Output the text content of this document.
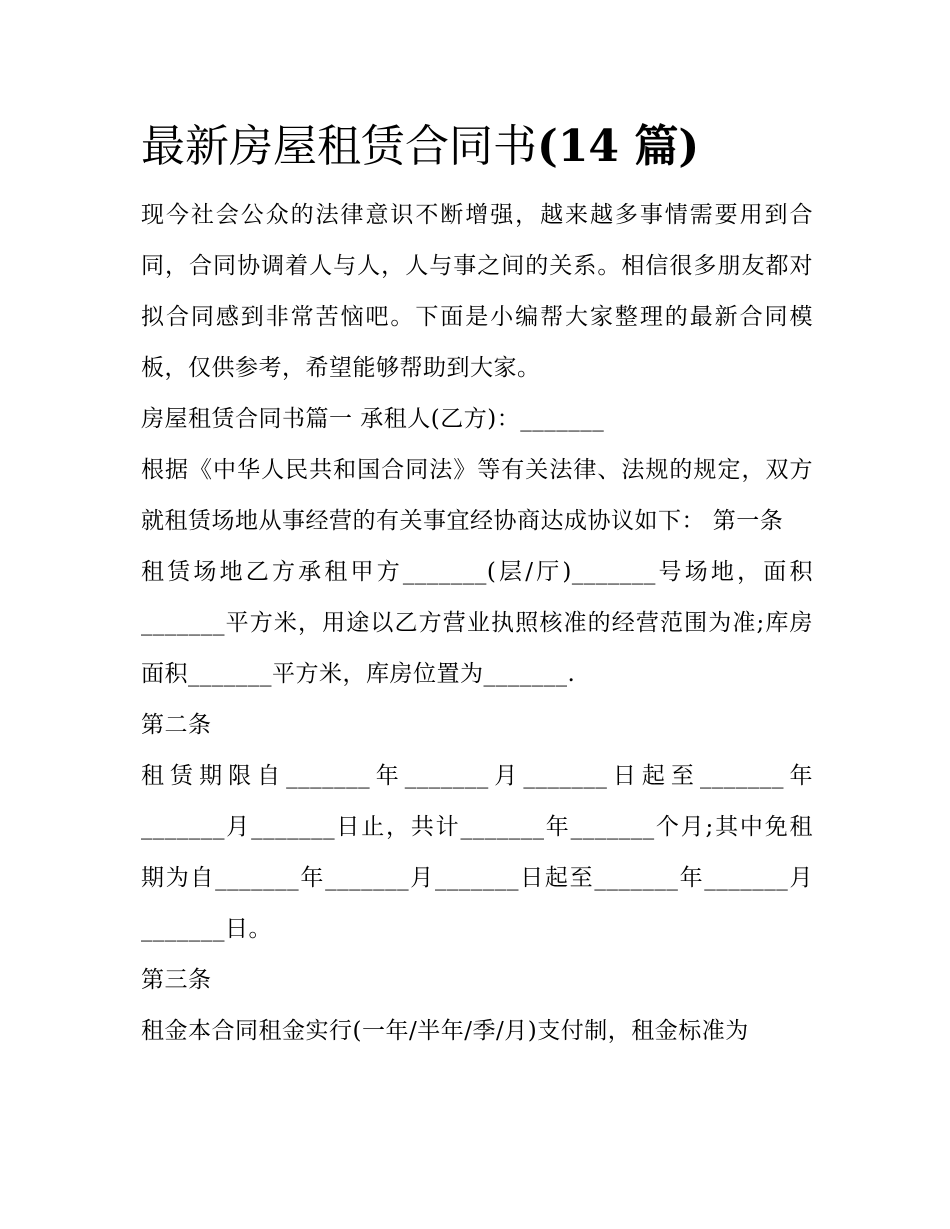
最新房屋租赁合同书(14 篇)

现今社会公众的法律意识不断增强，越来越多事情需要用到合同，合同协调着人与人，人与事之间的关系。相信很多朋友都对拟合同感到非常苦恼吧。下面是小编帮大家整理的最新合同模板，仅供参考，希望能够帮助到大家。

房屋租赁合同书篇一 承租人(乙方)：_______

根据《中华人民共和国合同法》等有关法律、法规的规定，双方就租赁场地从事经营的有关事宜经协商达成协议如下： 第一条

租赁场地乙方承租甲方_______(层/厅)_______号场地，面积_______平方米，用途以乙方营业执照核准的经营范围为准;库房面积_______平方米，库房位置为_______.

第二条

租赁期限自_______年_______月_______日起至_______年_______月_______日止，共计_______年_______个月;其中免租期为自_______年_______月_______日起至_______年_______月_______日。

第三条

租金本合同租金实行(一年/半年/季/月)支付制，租金标准为
